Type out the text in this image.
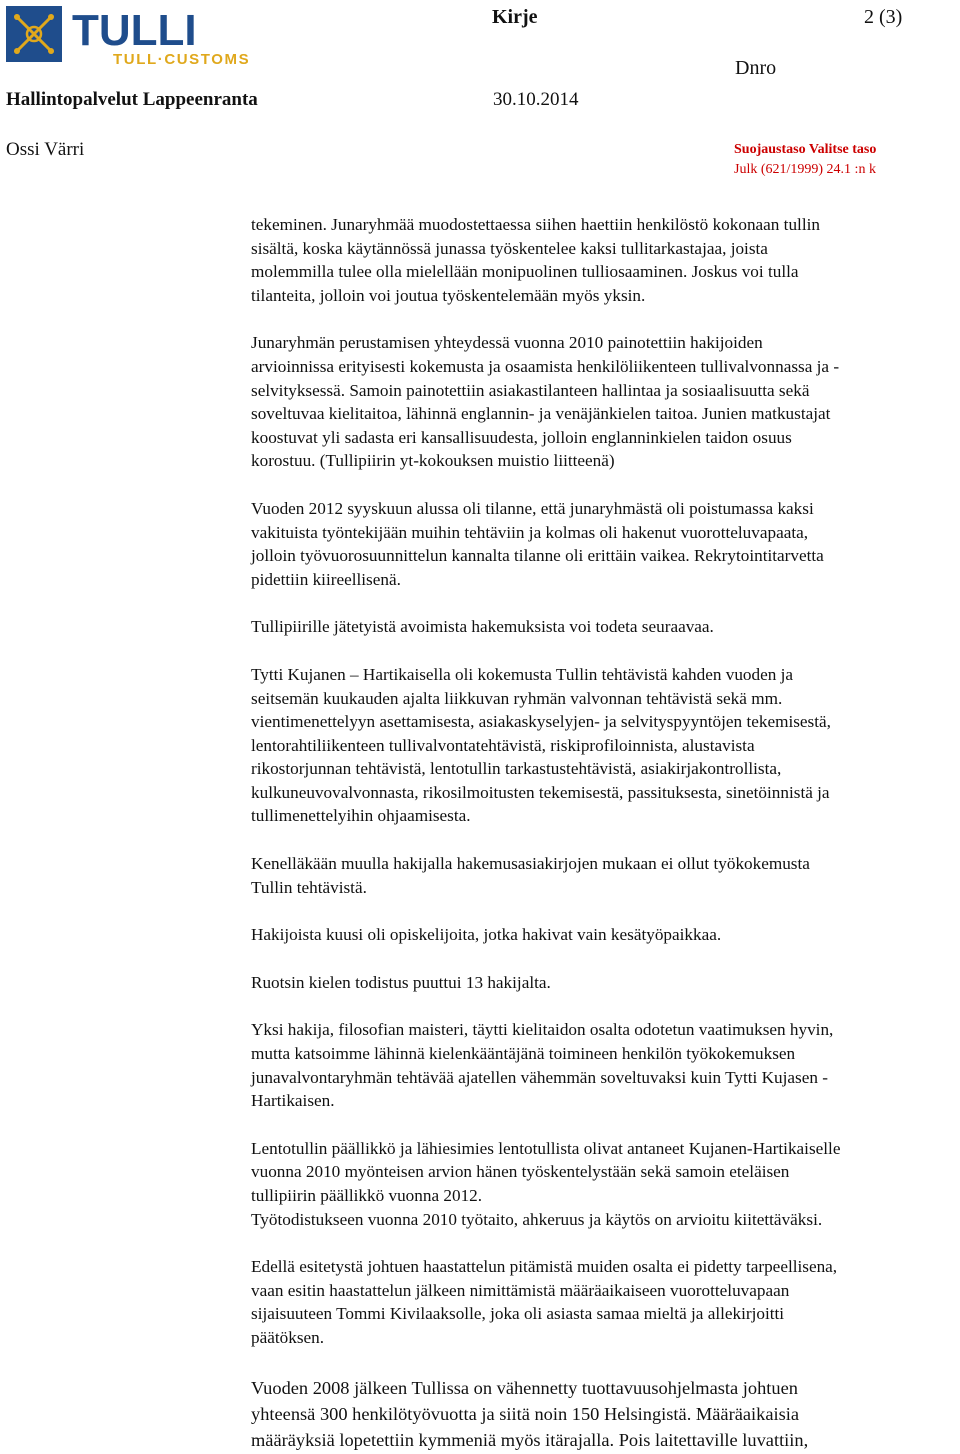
TULLI
TULL·CUSTOMS
Kirje	2 (3)
Dnro
Hallintopalvelut Lappeenranta	30.10.2014
Ossi Värri	Suojaustaso Valitse taso
Julk (621/1999) 24.1 :n k

tekeminen. Junaryhmää muodostettaessa siihen haettiin henkilöstö kokonaan tullin
sisältä, koska käytännössä junassa työskentelee kaksi tullitarkastajaa, joista
molemmilla tulee olla mielellään monipuolinen tulliosaaminen. Joskus voi tulla
tilanteita, jolloin voi joutua työskentelemään myös yksin.

Junaryhmän perustamisen yhteydessä vuonna 2010 painotettiin hakijoiden
arvioinnissa erityisesti kokemusta ja osaamista henkilöliikenteen tullivalvonnassa ja -
selvityksessä. Samoin painotettiin asiakastilanteen hallintaa ja sosiaalisuutta sekä
soveltuvaa kielitaitoa, lähinnä englannin- ja venäjänkielen taitoa. Junien matkustajat
koostuvat yli sadasta eri kansallisuudesta, jolloin englanninkielen taidon osuus
korostuu. (Tullipiirin yt-kokouksen muistio liitteenä)

Vuoden 2012 syyskuun alussa oli tilanne, että junaryhmästä oli poistumassa kaksi
vakituista työntekijään muihin tehtäviin ja kolmas oli hakenut vuorotteluvapaata,
jolloin työvuorosuunnittelun kannalta tilanne oli erittäin vaikea. Rekrytointitarvetta
pidettiin kiireellisenä.

Tullipiirille jätetyistä avoimista hakemuksista voi todeta seuraavaa.

Tytti Kujanen – Hartikaisella oli kokemusta Tullin tehtävistä kahden vuoden ja
seitsemän kuukauden ajalta liikkuvan ryhmän valvonnan tehtävistä sekä mm.
vientimenettelyyn asettamisesta, asiakaskyselyjen- ja selvityspyyntöjen tekemisestä,
lentorahtiliikenteen tullivalvontatehtävistä, riskiprofiloinnista, alustavista
rikostorjunnan tehtävistä, lentotullin tarkastustehtävistä, asiakirjakontrollista,
kulkuneuvovalvonnasta, rikosilmoitusten tekemisestä, passituksesta, sinetöinnistä ja
tullimenettelyihin ohjaamisesta.

Kenelläkään muulla hakijalla hakemusasiakirjojen mukaan ei ollut työkokemusta
Tullin tehtävistä.

Hakijoista kuusi oli opiskelijoita, jotka hakivat vain kesätyöpaikkaa.

Ruotsin kielen todistus puuttui 13 hakijalta.

Yksi hakija, filosofian maisteri, täytti kielitaidon osalta odotetun vaatimuksen hyvin,
mutta katsoimme lähinnä kielenkääntäjänä toimineen henkilön työkokemuksen
junavalvontaryhmän tehtävää ajatellen vähemmän soveltuvaksi kuin Tytti Kujasen -
Hartikaisen.

Lentotullin päällikkö ja lähiesimies lentotullista olivat antaneet Kujanen-Hartikaiselle
vuonna 2010 myönteisen arvion hänen työskentelystään sekä samoin eteläisen
tullipiirin päällikkö vuonna 2012.
Työtodistukseen vuonna 2010 työtaito, ahkeruus ja käytös on arvioitu kiitettäväksi.

Edellä esitetystä johtuen haastattelun pitämistä muiden osalta ei pidetty tarpeellisena,
vaan esitin haastattelun jälkeen nimittämistä määräaikaiseen vuorotteluvapaan
sijaisuuteen Tommi Kivilaaksolle, joka oli asiasta samaa mieltä ja allekirjoitti
päätöksen.

Vuoden 2008 jälkeen Tullissa on vähennetty tuottavuusohjelmasta johtuen
yhteensä 300 henkilötyövuotta ja siitä noin 150 Helsingistä. Määräaikaisia
määräyksiä lopetettiin kymmeniä myös itärajalla. Pois laitettaville luvattiin,
